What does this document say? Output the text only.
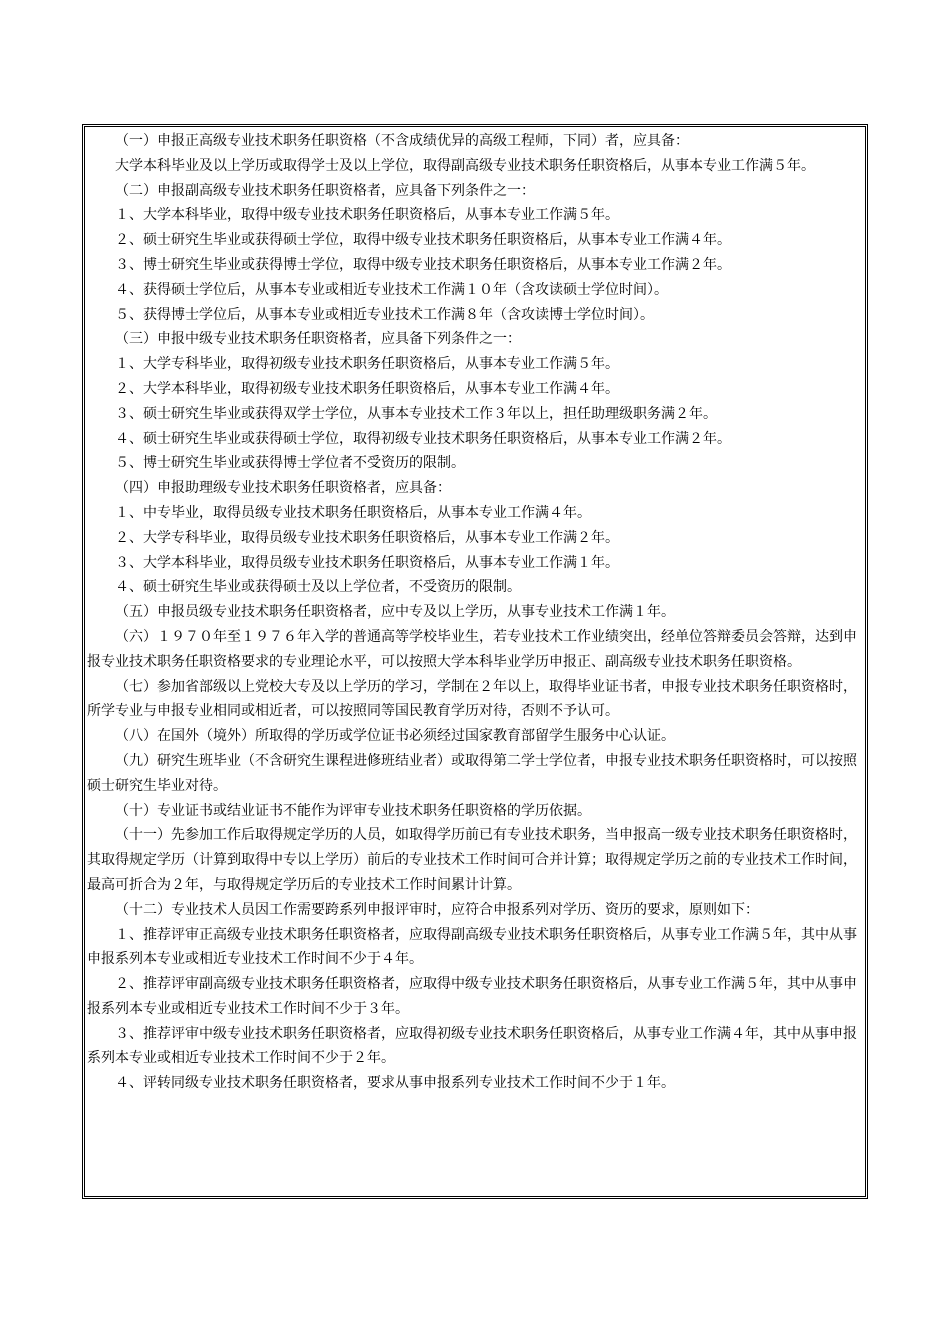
（一）申报正高级专业技术职务任职资格（不含成绩优异的高级工程师，下同）者，应具备：
大学本科毕业及以上学历或取得学士及以上学位，取得副高级专业技术职务任职资格后，从事本专业工作满５年。
（二）申报副高级专业技术职务任职资格者，应具备下列条件之一：
１、大学本科毕业，取得中级专业技术职务任职资格后，从事本专业工作满５年。
２、硕士研究生毕业或获得硕士学位，取得中级专业技术职务任职资格后，从事本专业工作满４年。
３、博士研究生毕业或获得博士学位，取得中级专业技术职务任职资格后，从事本专业工作满２年。
４、获得硕士学位后，从事本专业或相近专业技术工作满１０年（含攻读硕士学位时间）。
５、获得博士学位后，从事本专业或相近专业技术工作满８年（含攻读博士学位时间）。
（三）申报中级专业技术职务任职资格者，应具备下列条件之一：
１、大学专科毕业，取得初级专业技术职务任职资格后，从事本专业工作满５年。
２、大学本科毕业，取得初级专业技术职务任职资格后，从事本专业工作满４年。
３、硕士研究生毕业或获得双学士学位，从事本专业技术工作３年以上，担任助理级职务满２年。
４、硕士研究生毕业或获得硕士学位，取得初级专业技术职务任职资格后，从事本专业工作满２年。
５、博士研究生毕业或获得博士学位者不受资历的限制。
（四）申报助理级专业技术职务任职资格者，应具备：
１、中专毕业，取得员级专业技术职务任职资格后，从事本专业工作满４年。
２、大学专科毕业，取得员级专业技术职务任职资格后，从事本专业工作满２年。
３、大学本科毕业，取得员级专业技术职务任职资格后，从事本专业工作满１年。
４、硕士研究生毕业或获得硕士及以上学位者，不受资历的限制。
（五）申报员级专业技术职务任职资格者，应中专及以上学历，从事专业技术工作满１年。
（六）１９７０年至１９７６年入学的普通高等学校毕业生，若专业技术工作业绩突出，经单位答辩委员会答辩，达到申报专业技术职务任职资格要求的专业理论水平，可以按照大学本科毕业学历申报正、副高级专业技术职务任职资格。
（七）参加省部级以上党校大专及以上学历的学习，学制在２年以上，取得毕业证书者，申报专业技术职务任职资格时，所学专业与申报专业相同或相近者，可以按照同等国民教育学历对待，否则不予认可。
（八）在国外（境外）所取得的学历或学位证书必须经过国家教育部留学生服务中心认证。
（九）研究生班毕业（不含研究生课程进修班结业者）或取得第二学士学位者，申报专业技术职务任职资格时，可以按照硕士研究生毕业对待。
（十）专业证书或结业证书不能作为评审专业技术职务任职资格的学历依据。
（十一）先参加工作后取得规定学历的人员，如取得学历前已有专业技术职务，当申报高一级专业技术职务任职资格时，其取得规定学历（计算到取得中专以上学历）前后的专业技术工作时间可合并计算；取得规定学历之前的专业技术工作时间，最高可折合为２年，与取得规定学历后的专业技术工作时间累计计算。
（十二）专业技术人员因工作需要跨系列申报评审时，应符合申报系列对学历、资历的要求，原则如下：
１、推荐评审正高级专业技术职务任职资格者，应取得副高级专业技术职务任职资格后，从事专业工作满５年，其中从事申报系列本专业或相近专业技术工作时间不少于４年。
２、推荐评审副高级专业技术职务任职资格者，应取得中级专业技术职务任职资格后，从事专业工作满５年，其中从事申报系列本专业或相近专业技术工作时间不少于３年。
３、推荐评审中级专业技术职务任职资格者，应取得初级专业技术职务任职资格后，从事专业工作满４年，其中从事申报系列本专业或相近专业技术工作时间不少于２年。
４、评转同级专业技术职务任职资格者，要求从事申报系列专业技术工作时间不少于１年。
